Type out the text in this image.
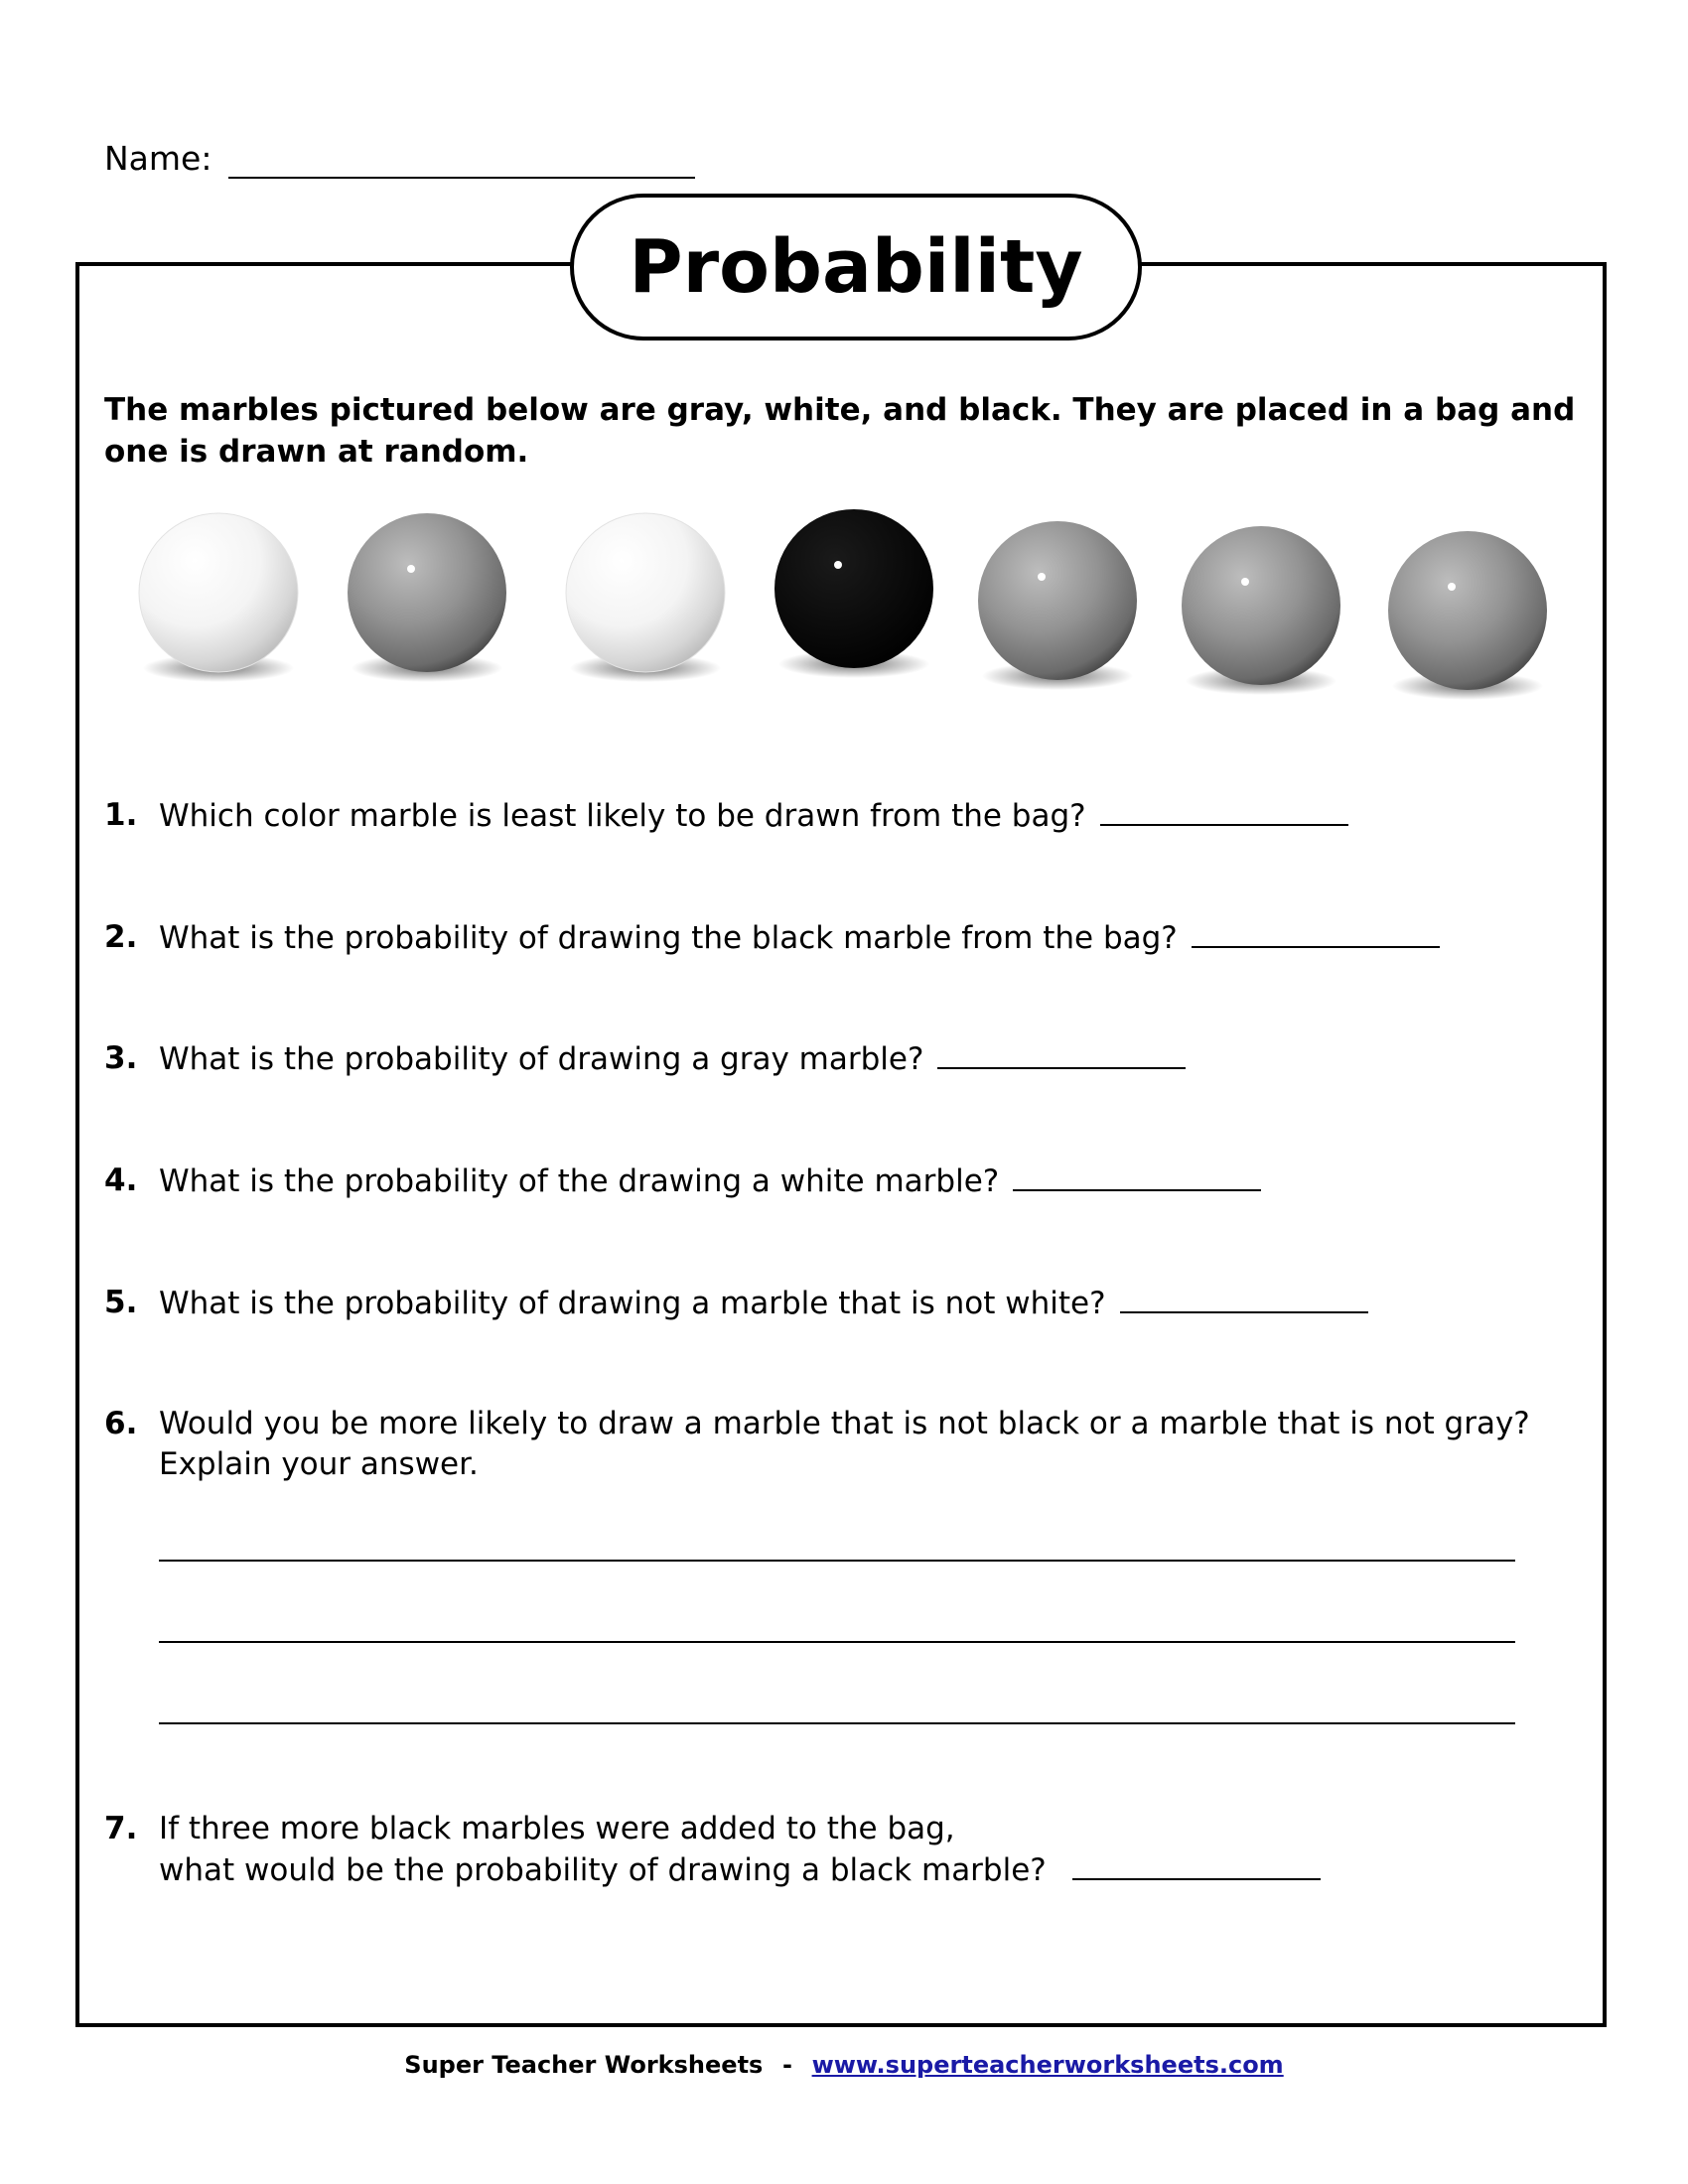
Name:
Probability
The marbles pictured below are gray, white, and black. They are placed in a bag and one is drawn at random.
1. Which color marble is least likely to be drawn from the bag?
2. What is the probability of drawing the black marble from the bag?
3. What is the probability of drawing a gray marble?
4. What is the probability of the drawing a white marble?
5. What is the probability of drawing a marble that is not white?
6. Would you be more likely to draw a marble that is not black or a marble that is not gray?
Explain your answer.
7. If three more black marbles were added to the bag,
what would be the probability of drawing a black marble?
Super Teacher Worksheets - www.superteacherworksheets.com
